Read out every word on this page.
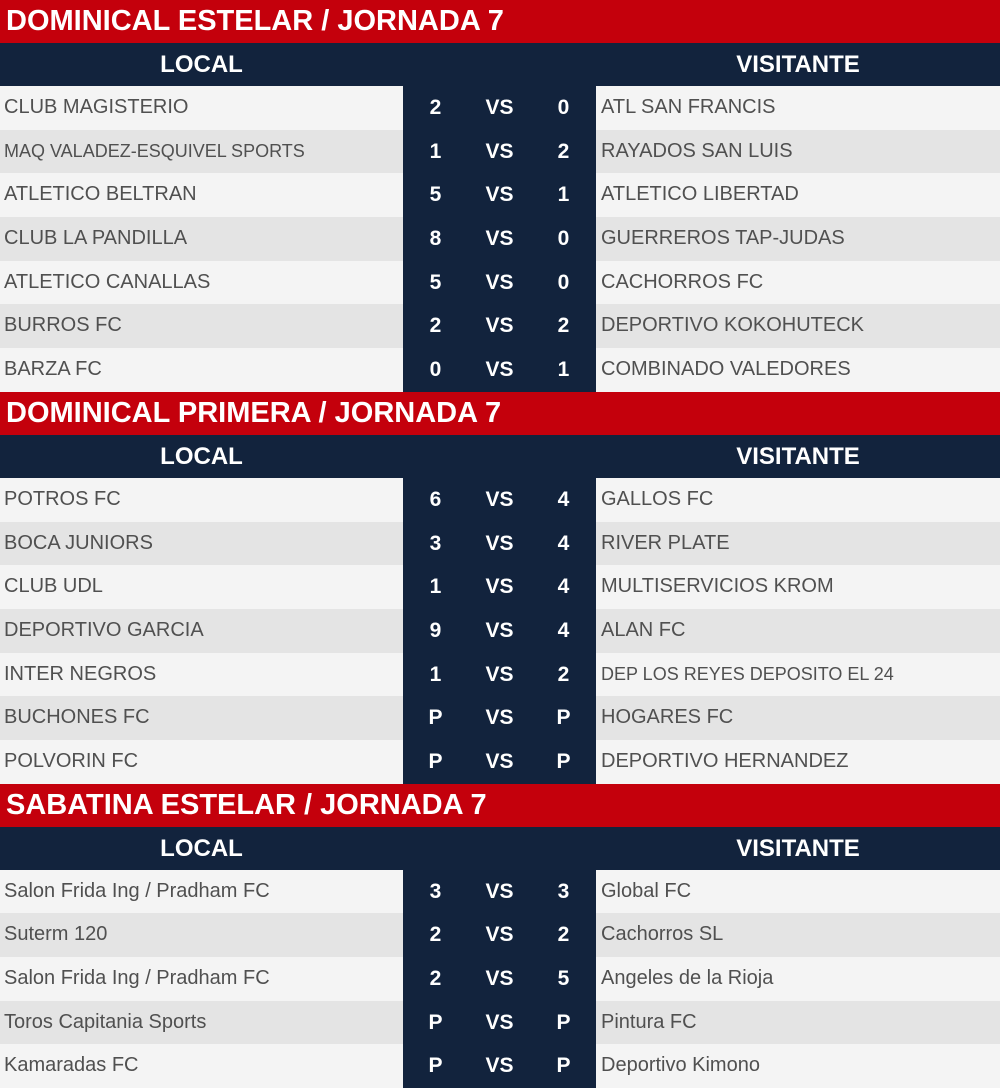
DOMINICAL ESTELAR / JORNADA 7
LOCAL	VISITANTE
CLUB MAGISTERIO	2	VS	0	ATL SAN FRANCIS
MAQ VALADEZ-ESQUIVEL SPORTS	1	VS	2	RAYADOS SAN LUIS
ATLETICO BELTRAN	5	VS	1	ATLETICO LIBERTAD
CLUB LA PANDILLA	8	VS	0	GUERREROS TAP-JUDAS
ATLETICO CANALLAS	5	VS	0	CACHORROS FC
BURROS FC	2	VS	2	DEPORTIVO KOKOHUTECK
BARZA FC	0	VS	1	COMBINADO VALEDORES
DOMINICAL PRIMERA / JORNADA 7
LOCAL	VISITANTE
POTROS FC	6	VS	4	GALLOS FC
BOCA JUNIORS	3	VS	4	RIVER PLATE
CLUB UDL	1	VS	4	MULTISERVICIOS KROM
DEPORTIVO GARCIA	9	VS	4	ALAN FC
INTER NEGROS	1	VS	2	DEP LOS REYES DEPOSITO EL 24
BUCHONES FC	P	VS	P	HOGARES FC
POLVORIN FC	P	VS	P	DEPORTIVO HERNANDEZ
SABATINA ESTELAR / JORNADA 7
LOCAL	VISITANTE
Salon Frida Ing / Pradham FC	3	VS	3	Global FC
Suterm 120	2	VS	2	Cachorros SL
Salon Frida Ing / Pradham FC	2	VS	5	Angeles de la Rioja
Toros Capitania Sports	P	VS	P	Pintura FC
Kamaradas FC	P	VS	P	Deportivo Kimono
